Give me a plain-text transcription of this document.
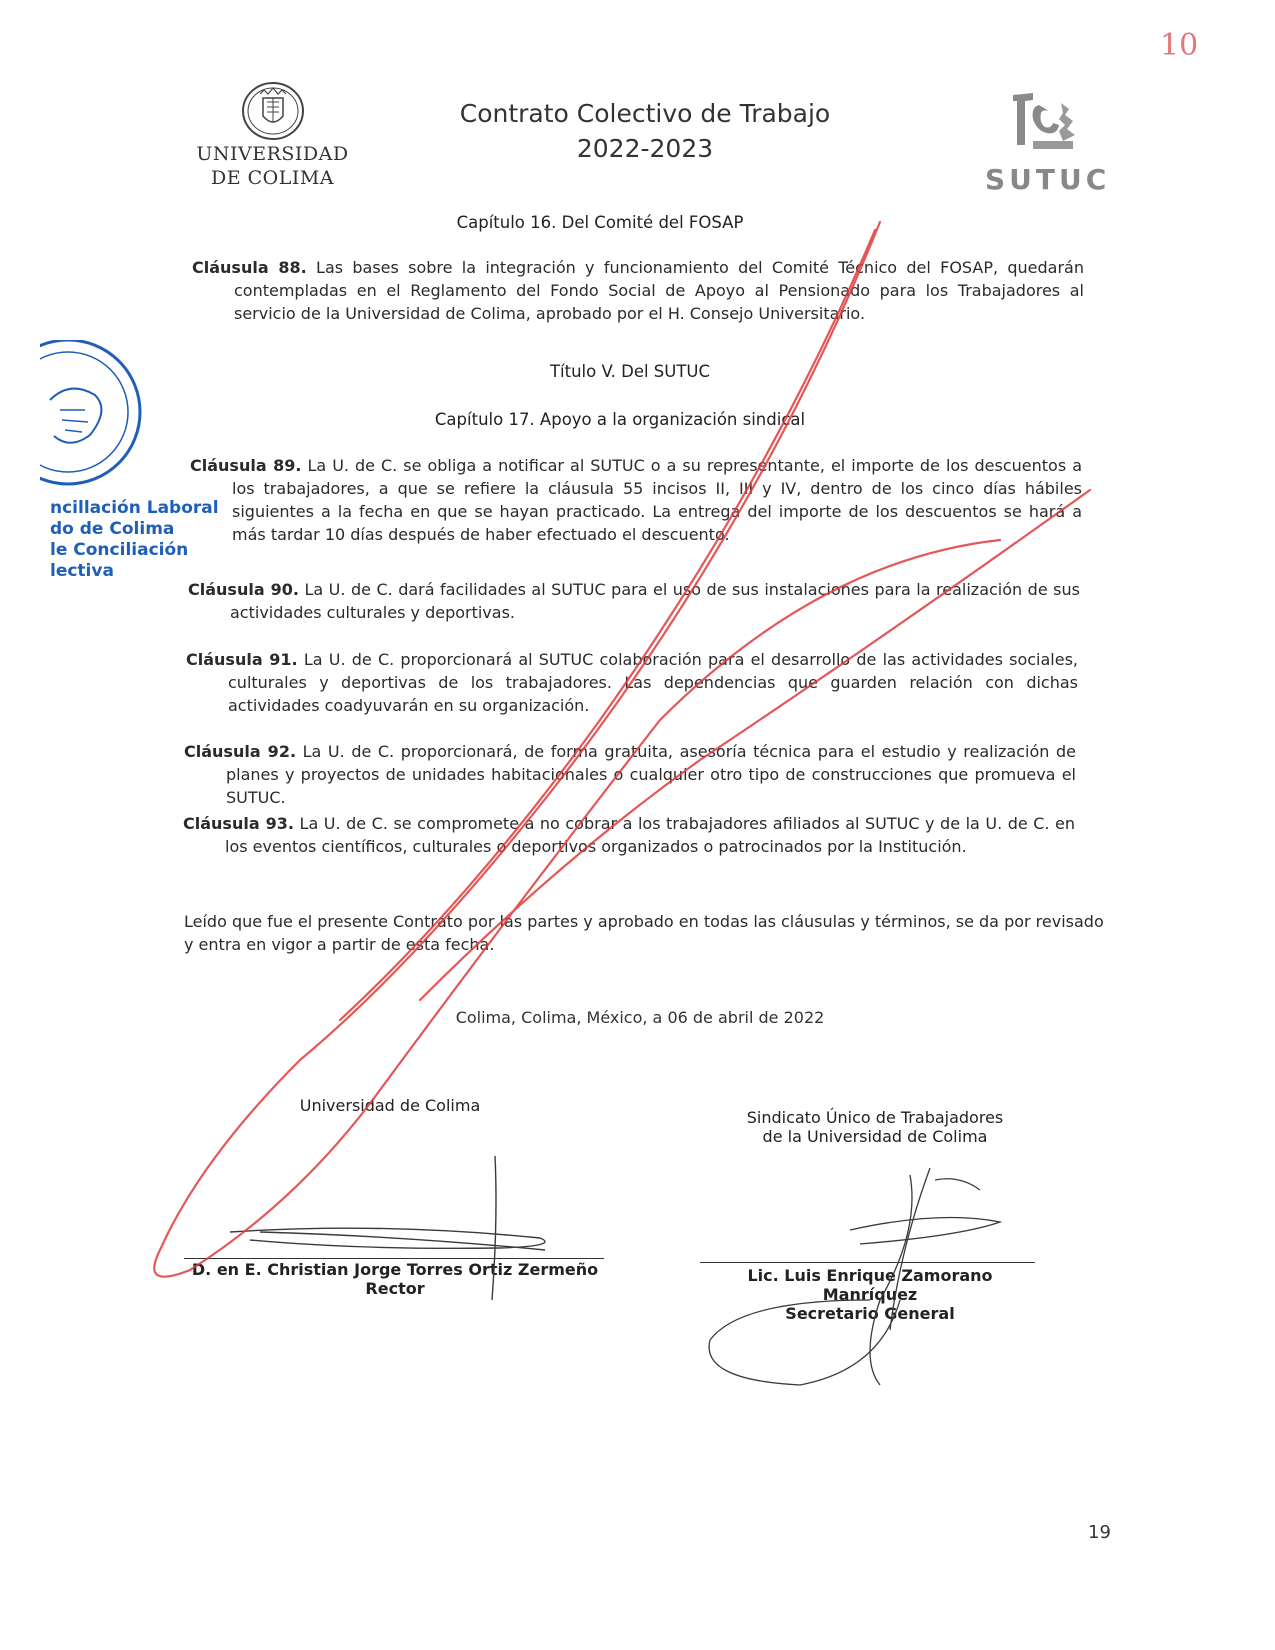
10
UNIVERSIDAD
DE COLIMA
Contrato Colectivo de Trabajo
2022-2023
SUTUC
ncillación Laboral
do de Colima
le Conciliación
lectiva
Capítulo 16. Del Comité del FOSAP
Cláusula 88. Las bases sobre la integración y funcionamiento del Comité Técnico del FOSAP, quedarán contempladas en el Reglamento del Fondo Social de Apoyo al Pensionado para los Trabajadores al servicio de la Universidad de Colima, aprobado por el H. Consejo Universitario.
Título V. Del SUTUC
Capítulo 17. Apoyo a la organización sindical
Cláusula 89. La U. de C. se obliga a notificar al SUTUC o a su representante, el importe de los descuentos a los trabajadores, a que se refiere la cláusula 55 incisos II, III y IV, dentro de los cinco días hábiles siguientes a la fecha en que se hayan practicado. La entrega del importe de los descuentos se hará a más tardar 10 días después de haber efectuado el descuento.
Cláusula 90. La U. de C. dará facilidades al SUTUC para el uso de sus instalaciones para la realización de sus actividades culturales y deportivas.
Cláusula 91. La U. de C. proporcionará al SUTUC colaboración para el desarrollo de las actividades sociales, culturales y deportivas de los trabajadores. Las dependencias que guarden relación con dichas actividades coadyuvarán en su organización.
Cláusula 92. La U. de C. proporcionará, de forma gratuita, asesoría técnica para el estudio y realización de planes y proyectos de unidades habitacionales o cualquier otro tipo de construcciones que promueva el SUTUC.
Cláusula 93. La U. de C. se compromete a no cobrar a los trabajadores afiliados al SUTUC y de la U. de C. en los eventos científicos, culturales o deportivos organizados o patrocinados por la Institución.
Leído que fue el presente Contrato por las partes y aprobado en todas las cláusulas y términos, se da por revisado y entra en vigor a partir de esta fecha.
Colima, Colima, México, a 06 de abril de 2022
Universidad de Colima
D. en E. Christian Jorge Torres Ortiz Zermeño
Rector
Sindicato Único de Trabajadores
de la Universidad de Colima
Lic. Luis Enrique Zamorano Manríquez
Secretario General
19
